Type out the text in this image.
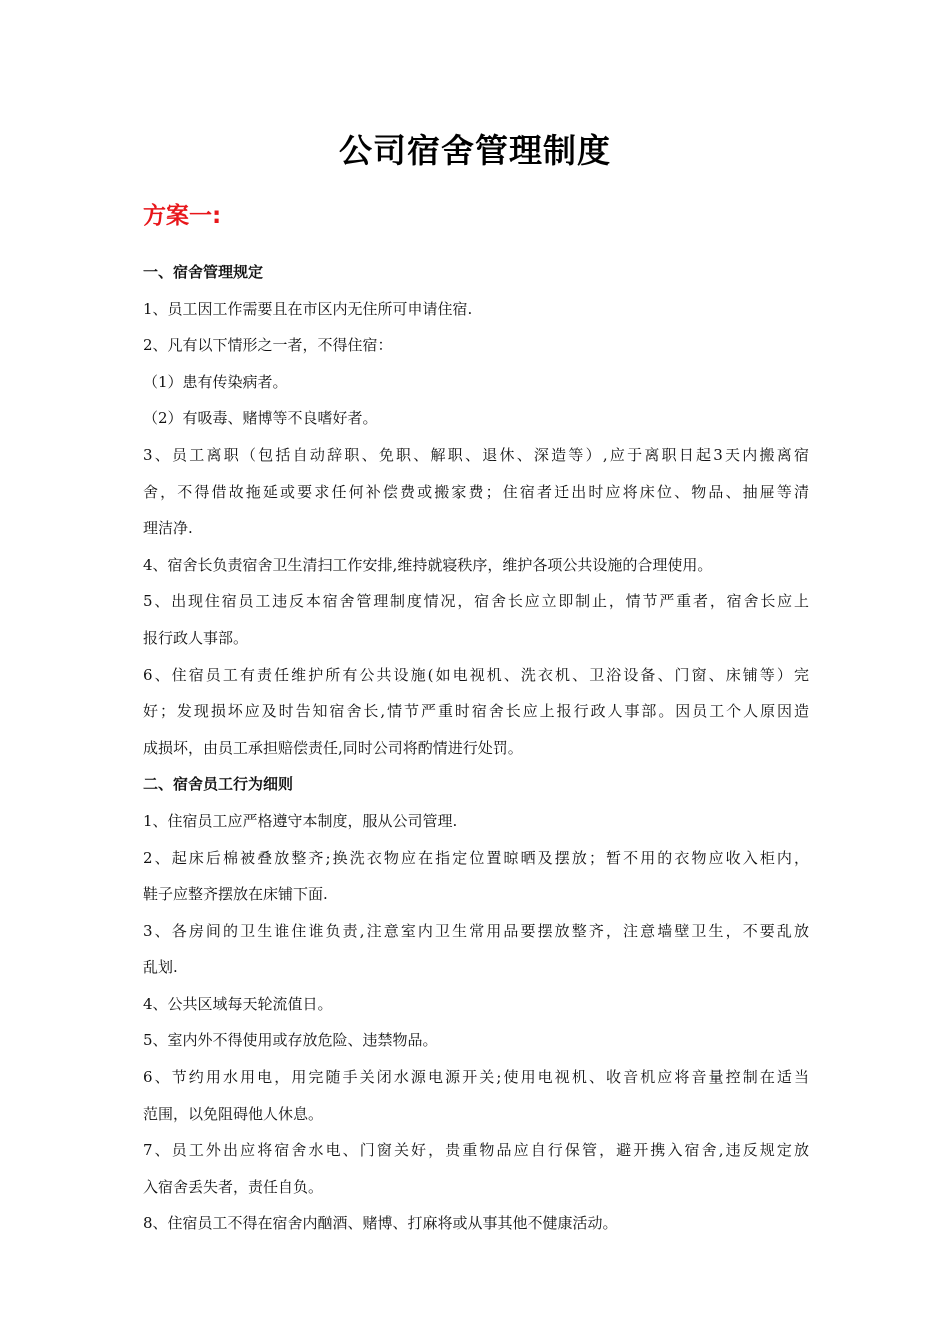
公司宿舍管理制度
方案一:
一、宿舍管理规定
1、员工因工作需要且在市区内无住所可申请住宿.
2、凡有以下情形之一者，不得住宿：
（1）患有传染病者。
（2）有吸毒、赌博等不良嗜好者。
3、员工离职（包括自动辞职、免职、解职、退休、深造等）,应于离职日起3天内搬离宿
舍，不得借故拖延或要求任何补偿费或搬家费；住宿者迁出时应将床位、物品、抽屉等清
理洁净.
4、宿舍长负责宿舍卫生清扫工作安排,维持就寝秩序，维护各项公共设施的合理使用。
5、出现住宿员工违反本宿舍管理制度情况，宿舍长应立即制止，情节严重者，宿舍长应上
报行政人事部。
6、住宿员工有责任维护所有公共设施(如电视机、洗衣机、卫浴设备、门窗、床铺等）完
好；发现损坏应及时告知宿舍长,情节严重时宿舍长应上报行政人事部。因员工个人原因造
成损坏，由员工承担赔偿责任,同时公司将酌情进行处罚。
二、宿舍员工行为细则
1、住宿员工应严格遵守本制度，服从公司管理.
2、起床后棉被叠放整齐;换洗衣物应在指定位置晾晒及摆放；暂不用的衣物应收入柜内，
鞋子应整齐摆放在床铺下面.
3、各房间的卫生谁住谁负责,注意室内卫生常用品要摆放整齐，注意墙壁卫生，不要乱放
乱划.
4、公共区域每天轮流值日。
5、室内外不得使用或存放危险、违禁物品。
6、节约用水用电，用完随手关闭水源电源开关;使用电视机、收音机应将音量控制在适当
范围，以免阻碍他人休息。
7、员工外出应将宿舍水电、门窗关好，贵重物品应自行保管，避开携入宿舍,违反规定放
入宿舍丢失者，责任自负。
8、住宿员工不得在宿舍内酗酒、赌博、打麻将或从事其他不健康活动。
